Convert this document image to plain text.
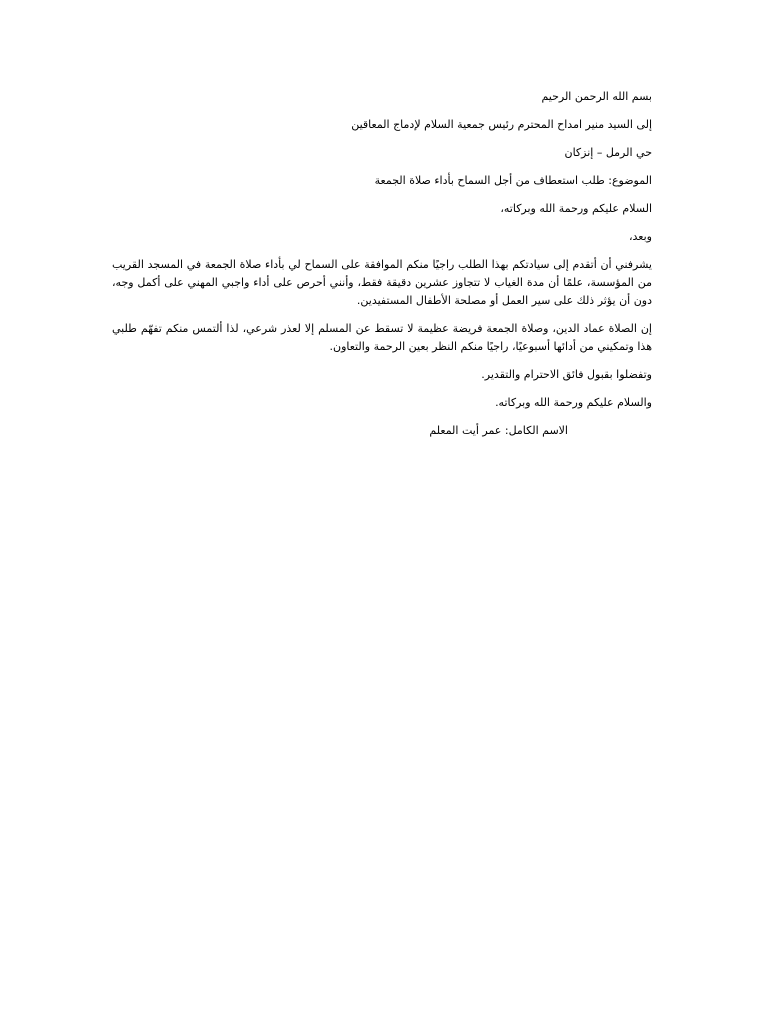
بسم الله الرحمن الرحيم

إلى السيد منير امداح المحترم رئيس جمعية السلام لإدماج المعاقين

حي الرمل – إنزكان

الموضوع: طلب استعطاف من أجل السماح بأداء صلاة الجمعة

السلام عليكم ورحمة الله وبركاته،

وبعد،

يشرفني أن أتقدم إلى سيادتكم بهذا الطلب راجيًا منكم الموافقة على السماح لي بأداء صلاة الجمعة في المسجد القريب من المؤسسة، علمًا أن مدة الغياب لا تتجاوز عشرين دقيقة فقط، وأنني أحرص على أداء واجبي المهني على أكمل وجه، دون أن يؤثر ذلك على سير العمل أو مصلحة الأطفال المستفيدين.

إن الصلاة عماد الدين، وصلاة الجمعة فريضة عظيمة لا تسقط عن المسلم إلا لعذر شرعي، لذا ألتمس منكم تفهّم طلبي هذا وتمكيني من أدائها أسبوعيًا، راجيًا منكم النظر بعين الرحمة والتعاون.

وتفضلوا بقبول فائق الاحترام والتقدير.

والسلام عليكم ورحمة الله وبركاته.

الاسم الكامل: عمر أيت المعلم
